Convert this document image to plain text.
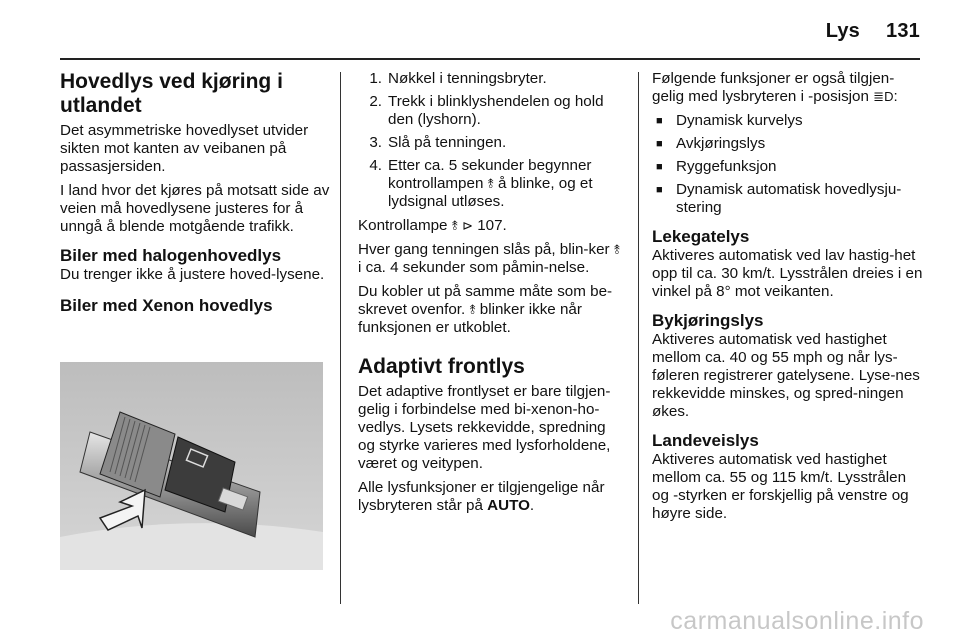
Lys 131
Hovedlys ved kjøring i utlandet

Det asymmetriske hovedlyset utvider sikten mot kanten av veibanen på passasjersiden.

I land hvor det kjøres på motsatt side av veien må hovedlysene justeres for å unngå å blende motgående trafikk.

Biler med halogenhovedlys

Du trenger ikke å justere hoved-lysene.

Biler med Xenon hovedlys
1. Nøkkel i tenningsbryter.
2. Trekk i blinklyshendelen og hold den (lyshorn).
3. Slå på tenningen.
4. Etter ca. 5 sekunder begynner kontrollampen ⥉ å blinke, og et lydsignal utløses.

Kontrollampe ⥉ ⊳ 107.

Hver gang tenningen slås på, blin-ker ⥉ i ca. 4 sekunder som påmin-nelse.

Du kobler ut på samme måte som be-skrevet ovenfor. ⥉ blinker ikke når funksjonen er utkoblet.

Adaptivt frontlys

Det adaptive frontlyset er bare tilgjen-gelig i forbindelse med bi-xenon-ho-vedlys. Lysets rekkevidde, spredning og styrke varieres med lysforholdene, været og veitypen.

Alle lysfunksjoner er tilgjengelige når lysbryteren står på AUTO.

Følgende funksjoner er også tilgjen-gelig med lysbryteren i -posisjon ≣D:

■ Dynamisk kurvelys
■ Avkjøringslys
■ Ryggefunksjon
■ Dynamisk automatisk hovedlysju-stering
Lekegatelys

Aktiveres automatisk ved lav hastig-het opp til ca. 30 km/t. Lysstrålen dreies i en vinkel på 8° mot veikanten.

Bykjøringslys

Aktiveres automatisk ved hastighet mellom ca. 40 og 55 mph og når lys-føleren registrerer gatelysene. Lyse-nes rekkevidde minskes, og spred-ningen økes.

Landeveislys

Aktiveres automatisk ved hastighet mellom ca. 55 og 115 km/t. Lysstrålen og -styrken er forskjellig på venstre og høyre side.

carmanualsonline.info
